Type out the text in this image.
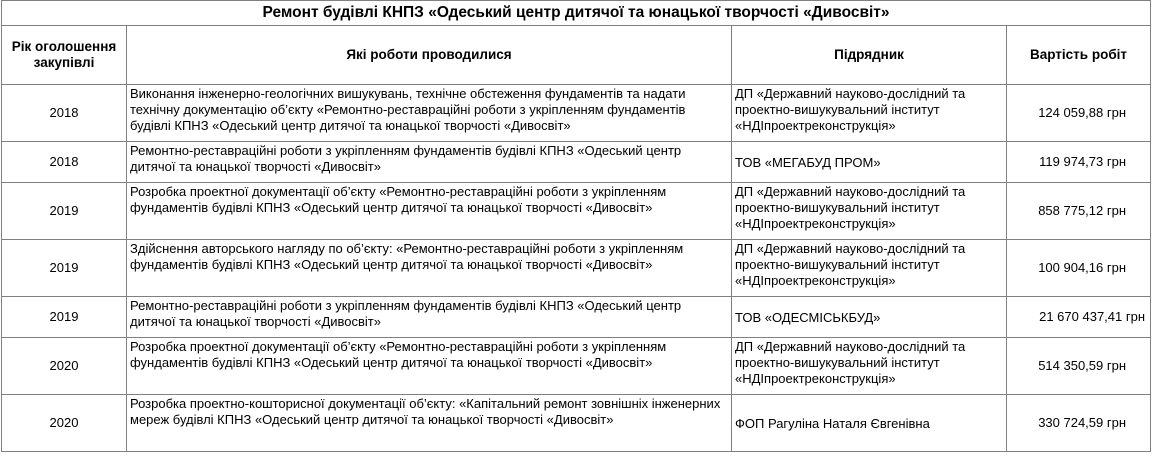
Ремонт будівлі КНПЗ «Одеський центр дитячої та юнацької творчості «Дивосвіт»			
Рік оголошення закупівлі	Які роботи проводилися	Підрядник	Вартість робіт
2018	Виконання інженерно-геологічних вишукувань, технічне обстеження фундаментів та надати технічну документацію об’єкту «Ремонтно-реставраційні роботи з укріпленням фундаментів будівлі КПНЗ «Одеський центр дитячої та юнацької творчості «Дивосвіт»	ДП «Державний науково-дослідний та проектно-вишукувальний інститут «НДІпроектреконструкція»	124 059,88 грн
2018	Ремонтно-реставраційні роботи з укріпленням фундаментів будівлі КПНЗ «Одеський центр дитячої та юнацької творчості «Дивосвіт»	ТОВ «МЕГАБУД ПРОМ»	119 974,73 грн
2019	Розробка проектної документації об’єкту «Ремонтно-реставраційні роботи з укріпленням фундаментів будівлі КПНЗ «Одеський центр дитячої та юнацької творчості «Дивосвіт»	ДП «Державний науково-дослідний та проектно-вишукувальний інститут «НДІпроектреконструкція»	858 775,12 грн
2019	Здійснення авторського нагляду по об’єкту: «Ремонтно-реставраційні роботи з укріпленням фундаментів будівлі КПНЗ «Одеський центр дитячої та юнацької творчості «Дивосвіт»	ДП «Державний науково-дослідний та проектно-вишукувальний інститут «НДІпроектреконструкція»	100 904,16 грн
2019	Ремонтно-реставраційні роботи з укріпленням фундаментів будівлі КНПЗ «Одеський центр дитячої та юнацької творчості «Дивосвіт»	ТОВ «ОДЕСМІСЬКБУД»	21 670 437,41 грн
2020	Розробка проектної документації об’єкту «Ремонтно-реставраційні роботи з укріпленням фундаментів будівлі КПНЗ «Одеський центр дитячої та юнацької творчості «Дивосвіт»	ДП «Державний науково-дослідний та проектно-вишукувальний інститут «НДІпроектреконструкція»	514 350,59 грн
2020	Розробка проектно-кошторисної документації об’єкту: «Капітальний ремонт зовнішніх інженерних мереж будівлі КПНЗ «Одеський центр дитячої та юнацької творчості «Дивосвіт»	ФОП Рагуліна Наталя Євгенівна	330 724,59 грн
